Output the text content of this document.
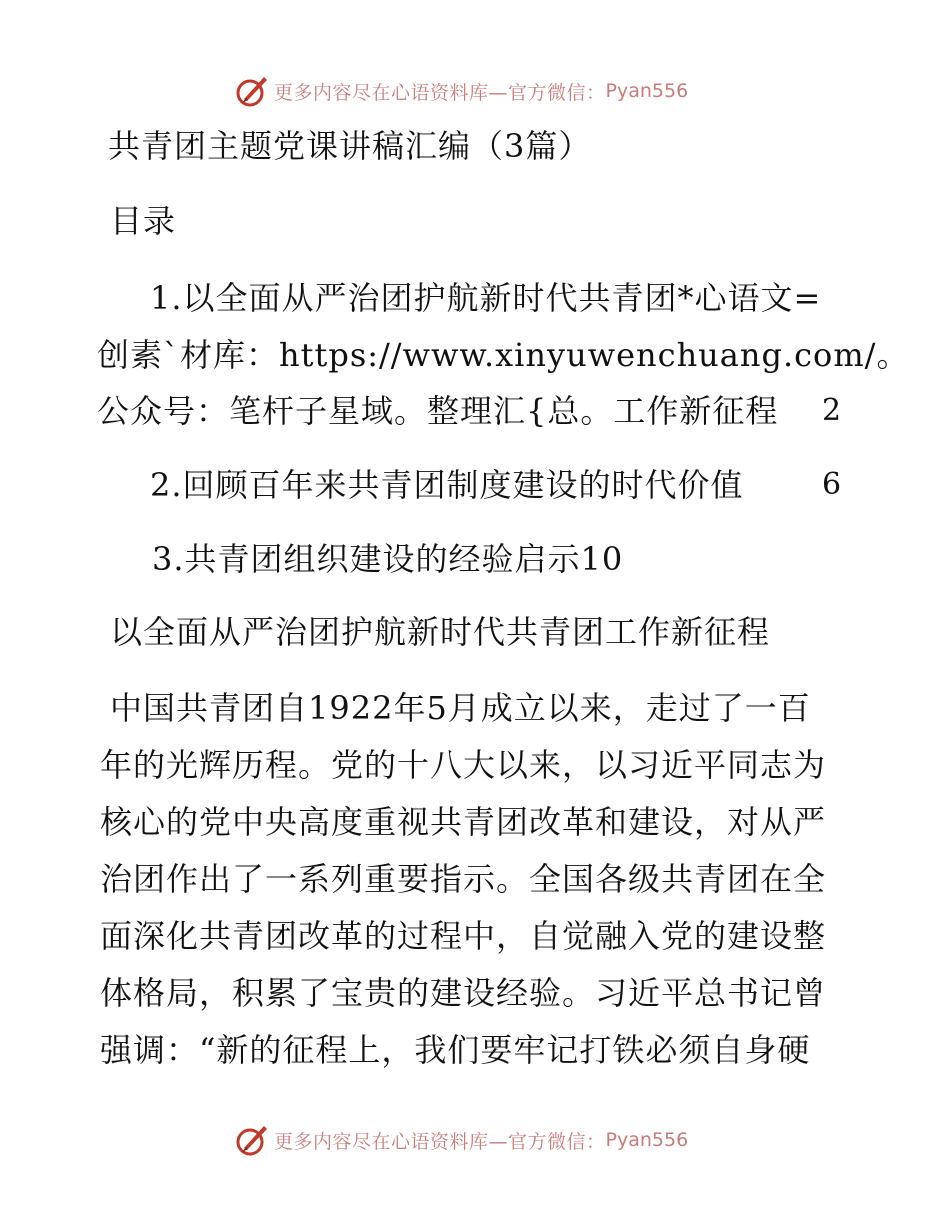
更多内容尽在心语资料库—官方微信： Pyan556
共青团主题党课讲稿汇编（3篇）
目录
1.以全面从严治团护航新时代共青团*心语文=
创素`材库：https://www.xinyuwenchuang.com/。
公众号：笔杆子星域。整理汇{总。工作新征程 2
2.回顾百年来共青团制度建设的时代价值	6
3.共青团组织建设的经验启示10
以全面从严治团护航新时代共青团工作新征程
中国共青团自1922年5月成立以来，走过了一百
年的光辉历程。党的十八大以来，以习近平同志为
核心的党中央高度重视共青团改革和建设，对从严
治团作出了一系列重要指示。全国各级共青团在全
面深化共青团改革的过程中，自觉融入党的建设整
体格局，积累了宝贵的建设经验。习近平总书记曾
强调：“新的征程上，我们要牢记打铁必须自身硬
更多内容尽在心语资料库—官方微信： Pyan556
